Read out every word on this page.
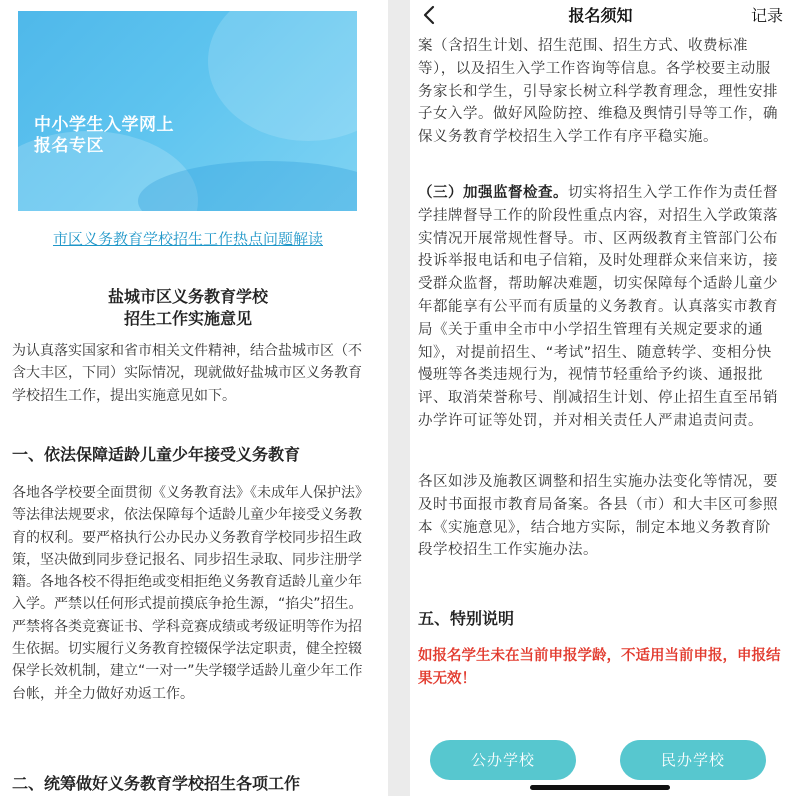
中小学生入学网上
报名专区
市区义务教育学校招生工作热点问题解读
盐城市区义务教育学校
招生工作实施意见
为认真落实国家和省市相关文件精神，结合盐城市区（不含大丰区，下同）实际情况，现就做好盐城市区义务教育学校招生工作，提出实施意见如下。
一、依法保障适龄儿童少年接受义务教育
各地各学校要全面贯彻《义务教育法》《未成年人保护法》等法律法规要求，依法保障每个适龄儿童少年接受义务教育的权利。要严格执行公办民办义务教育学校同步招生政策，坚决做到同步登记报名、同步招生录取、同步注册学籍。各地各校不得拒绝或变相拒绝义务教育适龄儿童少年入学。严禁以任何形式提前摸底争抢生源，“掐尖”招生。严禁将各类竞赛证书、学科竞赛成绩或考级证明等作为招生依据。切实履行义务教育控辍保学法定职责，健全控辍保学长效机制，建立“一对一”失学辍学适龄儿童少年工作台帐，并全力做好劝返工作。
二、统筹做好义务教育学校招生各项工作
案（含招生计划、招生范围、招生方式、收费标准等），以及招生入学工作咨询等信息。各学校要主动服务家长和学生，引导家长树立科学教育理念，理性安排子女入学。做好风险防控、维稳及舆情引导等工作，确保义务教育学校招生入学工作有序平稳实施。
（三）加强监督检查。切实将招生入学工作作为责任督学挂牌督导工作的阶段性重点内容，对招生入学政策落实情况开展常规性督导。市、区两级教育主管部门公布投诉举报电话和电子信箱，及时处理群众来信来访，接受群众监督，帮助解决难题，切实保障每个适龄儿童少年都能享有公平而有质量的义务教育。认真落实市教育局《关于重申全市中小学招生管理有关规定要求的通知》，对提前招生、“考试”招生、随意转学、变相分快慢班等各类违规行为，视情节轻重给予约谈、通报批评、取消荣誉称号、削减招生计划、停止招生直至吊销办学许可证等处罚，并对相关责任人严肃追责问责。
各区如涉及施教区调整和招生实施办法变化等情况，要及时书面报市教育局备案。各县（市）和大丰区可参照本《实施意见》，结合地方实际，制定本地义务教育阶段学校招生工作实施办法。
五、特别说明
如报名学生未在当前申报学龄，不适用当前申报，申报结果无效！
报名须知	记录
公办学校	民办学校
